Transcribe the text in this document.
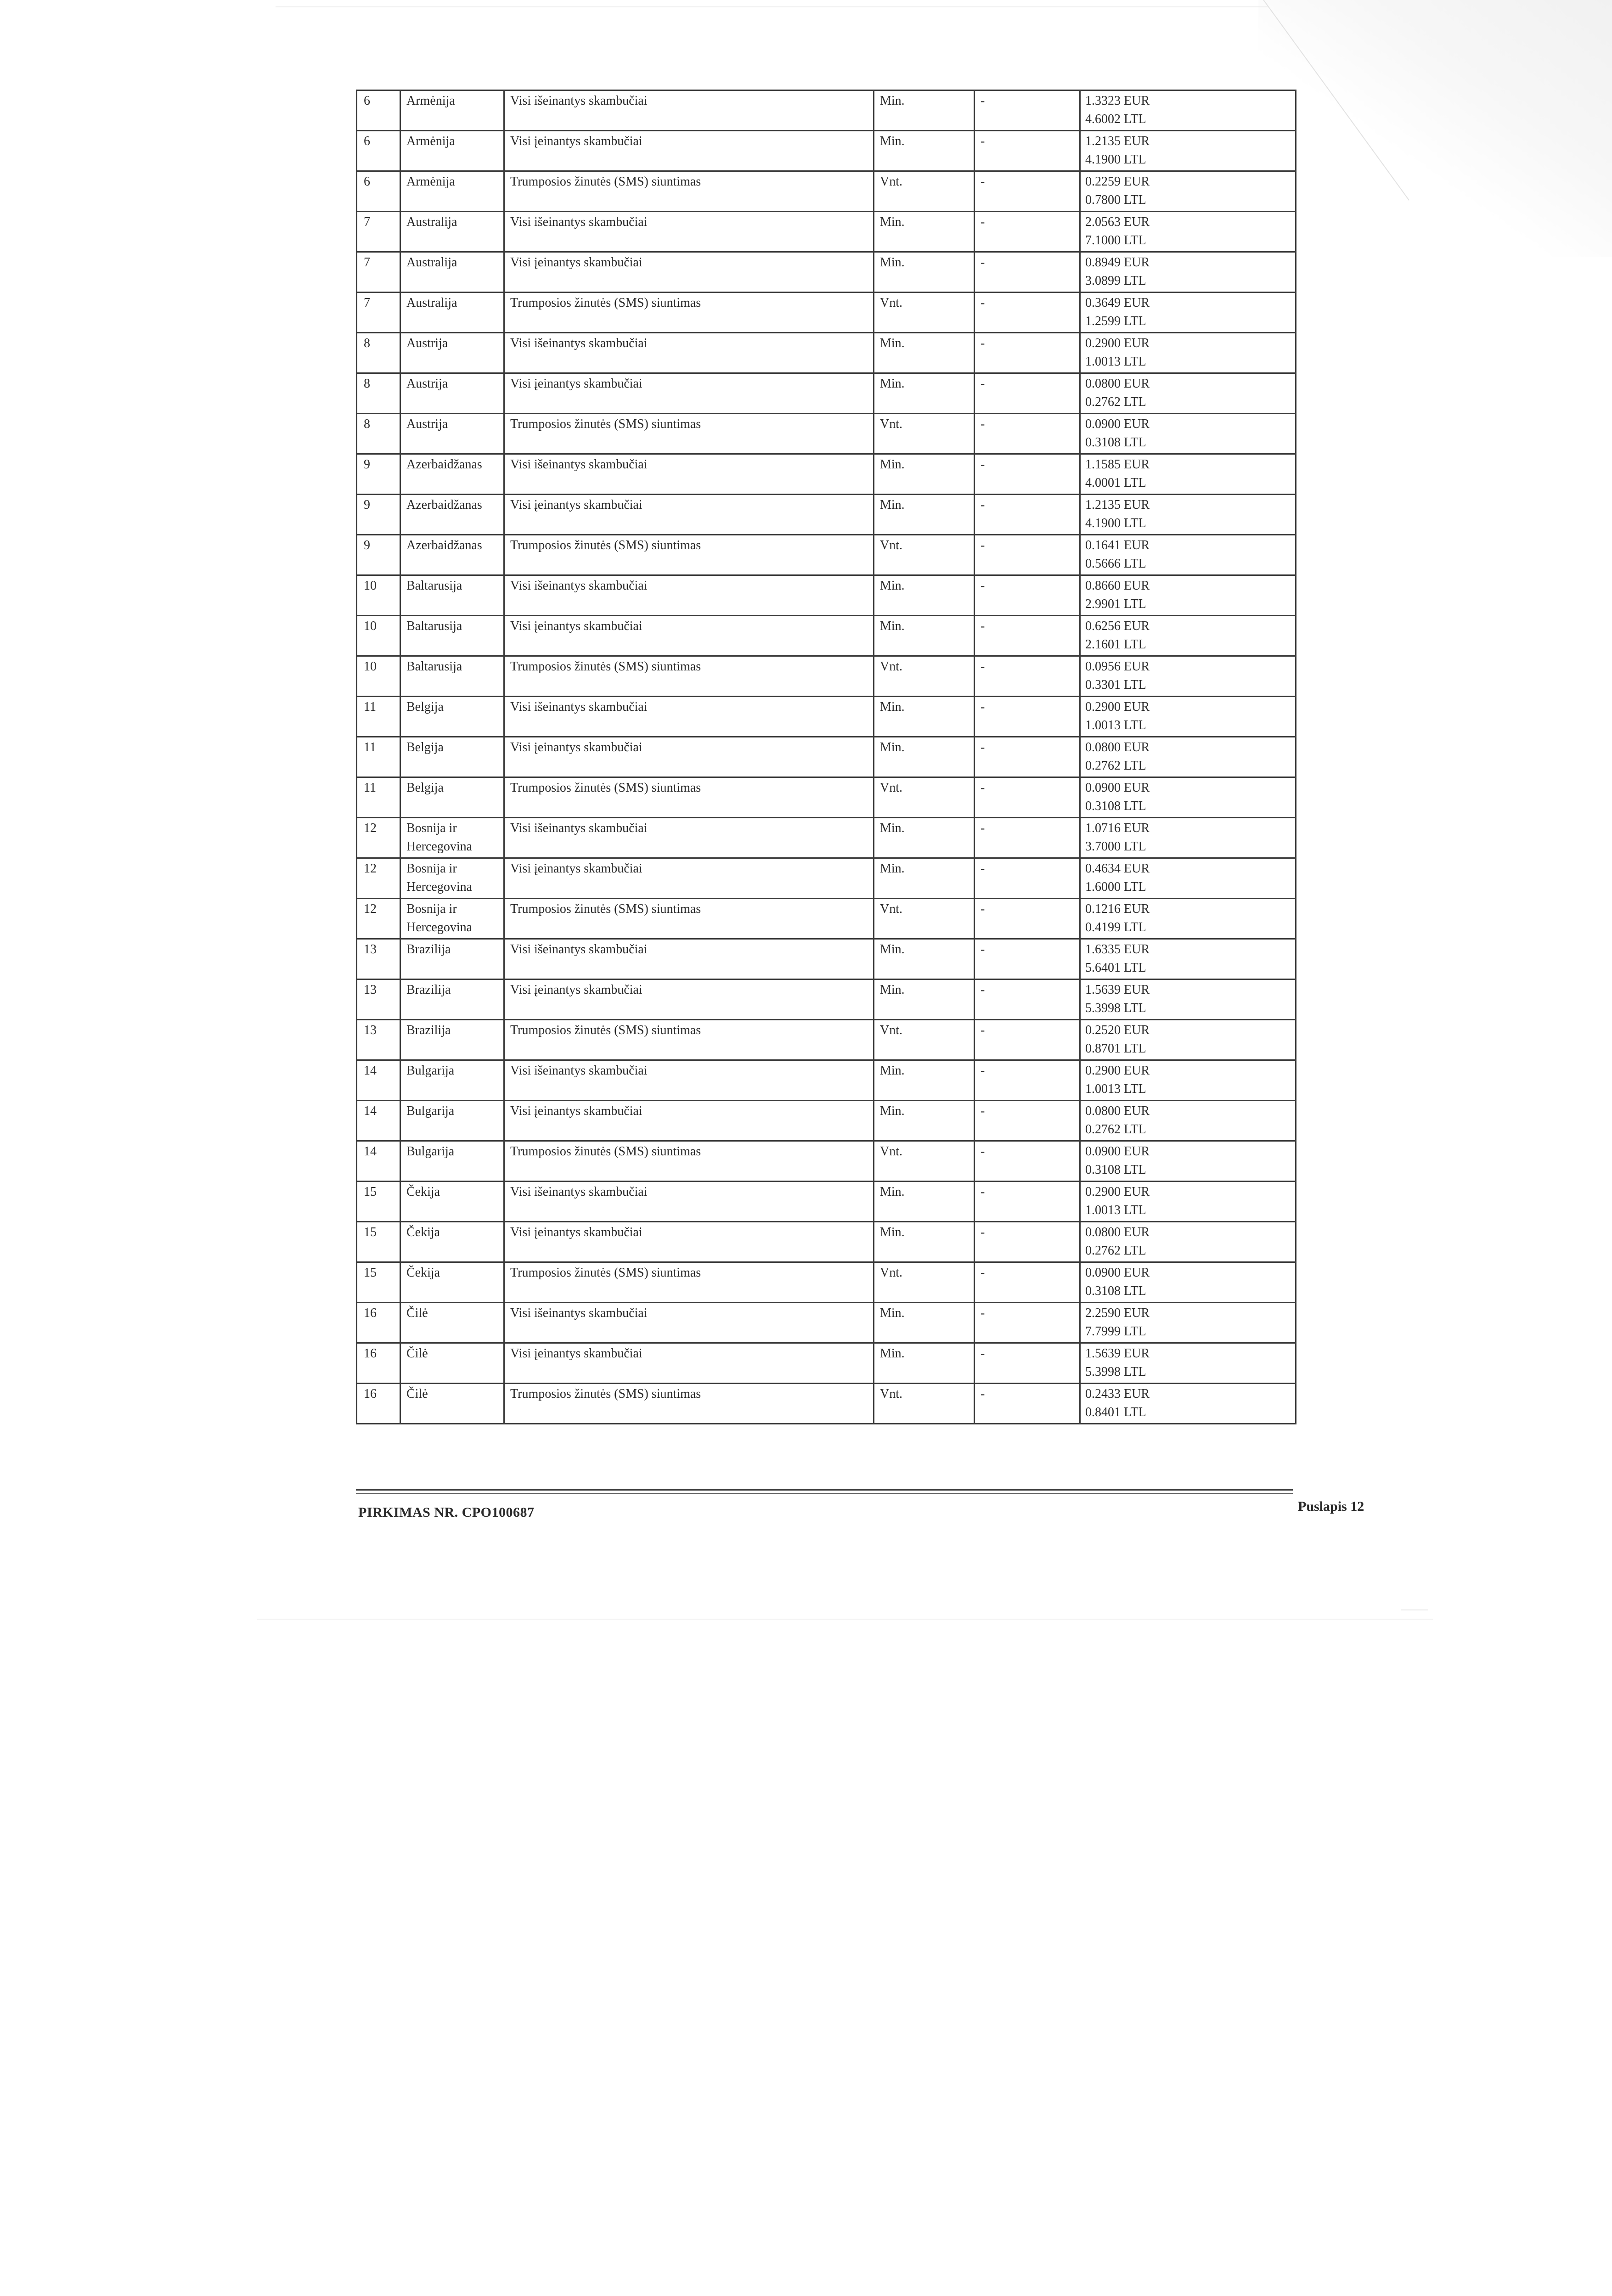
6	Armėnija	Visi išeinantys skambučiai	Min.	-	1.3323 EUR
4.6002 LTL

6	Armėnija	Visi įeinantys skambučiai	Min.	-	1.2135 EUR
4.1900 LTL

6	Armėnija	Trumposios žinutės (SMS) siuntimas	Vnt.	-	0.2259 EUR
0.7800 LTL

7	Australija	Visi išeinantys skambučiai	Min.	-	2.0563 EUR
7.1000 LTL

7	Australija	Visi įeinantys skambučiai	Min.	-	0.8949 EUR
3.0899 LTL

7	Australija	Trumposios žinutės (SMS) siuntimas	Vnt.	-	0.3649 EUR
1.2599 LTL

8	Austrija	Visi išeinantys skambučiai	Min.	-	0.2900 EUR
1.0013 LTL

8	Austrija	Visi įeinantys skambučiai	Min.	-	0.0800 EUR
0.2762 LTL

8	Austrija	Trumposios žinutės (SMS) siuntimas	Vnt.	-	0.0900 EUR
0.3108 LTL

9	Azerbaidžanas	Visi išeinantys skambučiai	Min.	-	1.1585 EUR
4.0001 LTL

9	Azerbaidžanas	Visi įeinantys skambučiai	Min.	-	1.2135 EUR
4.1900 LTL

9	Azerbaidžanas	Trumposios žinutės (SMS) siuntimas	Vnt.	-	0.1641 EUR
0.5666 LTL

10	Baltarusija	Visi išeinantys skambučiai	Min.	-	0.8660 EUR
2.9901 LTL

10	Baltarusija	Visi įeinantys skambučiai	Min.	-	0.6256 EUR
2.1601 LTL

10	Baltarusija	Trumposios žinutės (SMS) siuntimas	Vnt.	-	0.0956 EUR
0.3301 LTL

11	Belgija	Visi išeinantys skambučiai	Min.	-	0.2900 EUR
1.0013 LTL

11	Belgija	Visi įeinantys skambučiai	Min.	-	0.0800 EUR
0.2762 LTL

11	Belgija	Trumposios žinutės (SMS) siuntimas	Vnt.	-	0.0900 EUR
0.3108 LTL

12	Bosnija ir Hercegovina	Visi išeinantys skambučiai	Min.	-	1.0716 EUR
3.7000 LTL

12	Bosnija ir Hercegovina	Visi įeinantys skambučiai	Min.	-	0.4634 EUR
1.6000 LTL

12	Bosnija ir Hercegovina	Trumposios žinutės (SMS) siuntimas	Vnt.	-	0.1216 EUR
0.4199 LTL

13	Brazilija	Visi išeinantys skambučiai	Min.	-	1.6335 EUR
5.6401 LTL

13	Brazilija	Visi įeinantys skambučiai	Min.	-	1.5639 EUR
5.3998 LTL

13	Brazilija	Trumposios žinutės (SMS) siuntimas	Vnt.	-	0.2520 EUR
0.8701 LTL

14	Bulgarija	Visi išeinantys skambučiai	Min.	-	0.2900 EUR
1.0013 LTL

14	Bulgarija	Visi įeinantys skambučiai	Min.	-	0.0800 EUR
0.2762 LTL

14	Bulgarija	Trumposios žinutės (SMS) siuntimas	Vnt.	-	0.0900 EUR
0.3108 LTL

15	Čekija	Visi išeinantys skambučiai	Min.	-	0.2900 EUR
1.0013 LTL

15	Čekija	Visi įeinantys skambučiai	Min.	-	0.0800 EUR
0.2762 LTL

15	Čekija	Trumposios žinutės (SMS) siuntimas	Vnt.	-	0.0900 EUR
0.3108 LTL

16	Čilė	Visi išeinantys skambučiai	Min.	-	2.2590 EUR
7.7999 LTL

16	Čilė	Visi įeinantys skambučiai	Min.	-	1.5639 EUR
5.3998 LTL

16	Čilė	Trumposios žinutės (SMS) siuntimas	Vnt.	-	0.2433 EUR
0.8401 LTL
PIRKIMAS NR. CPO100687	Puslapis 12
